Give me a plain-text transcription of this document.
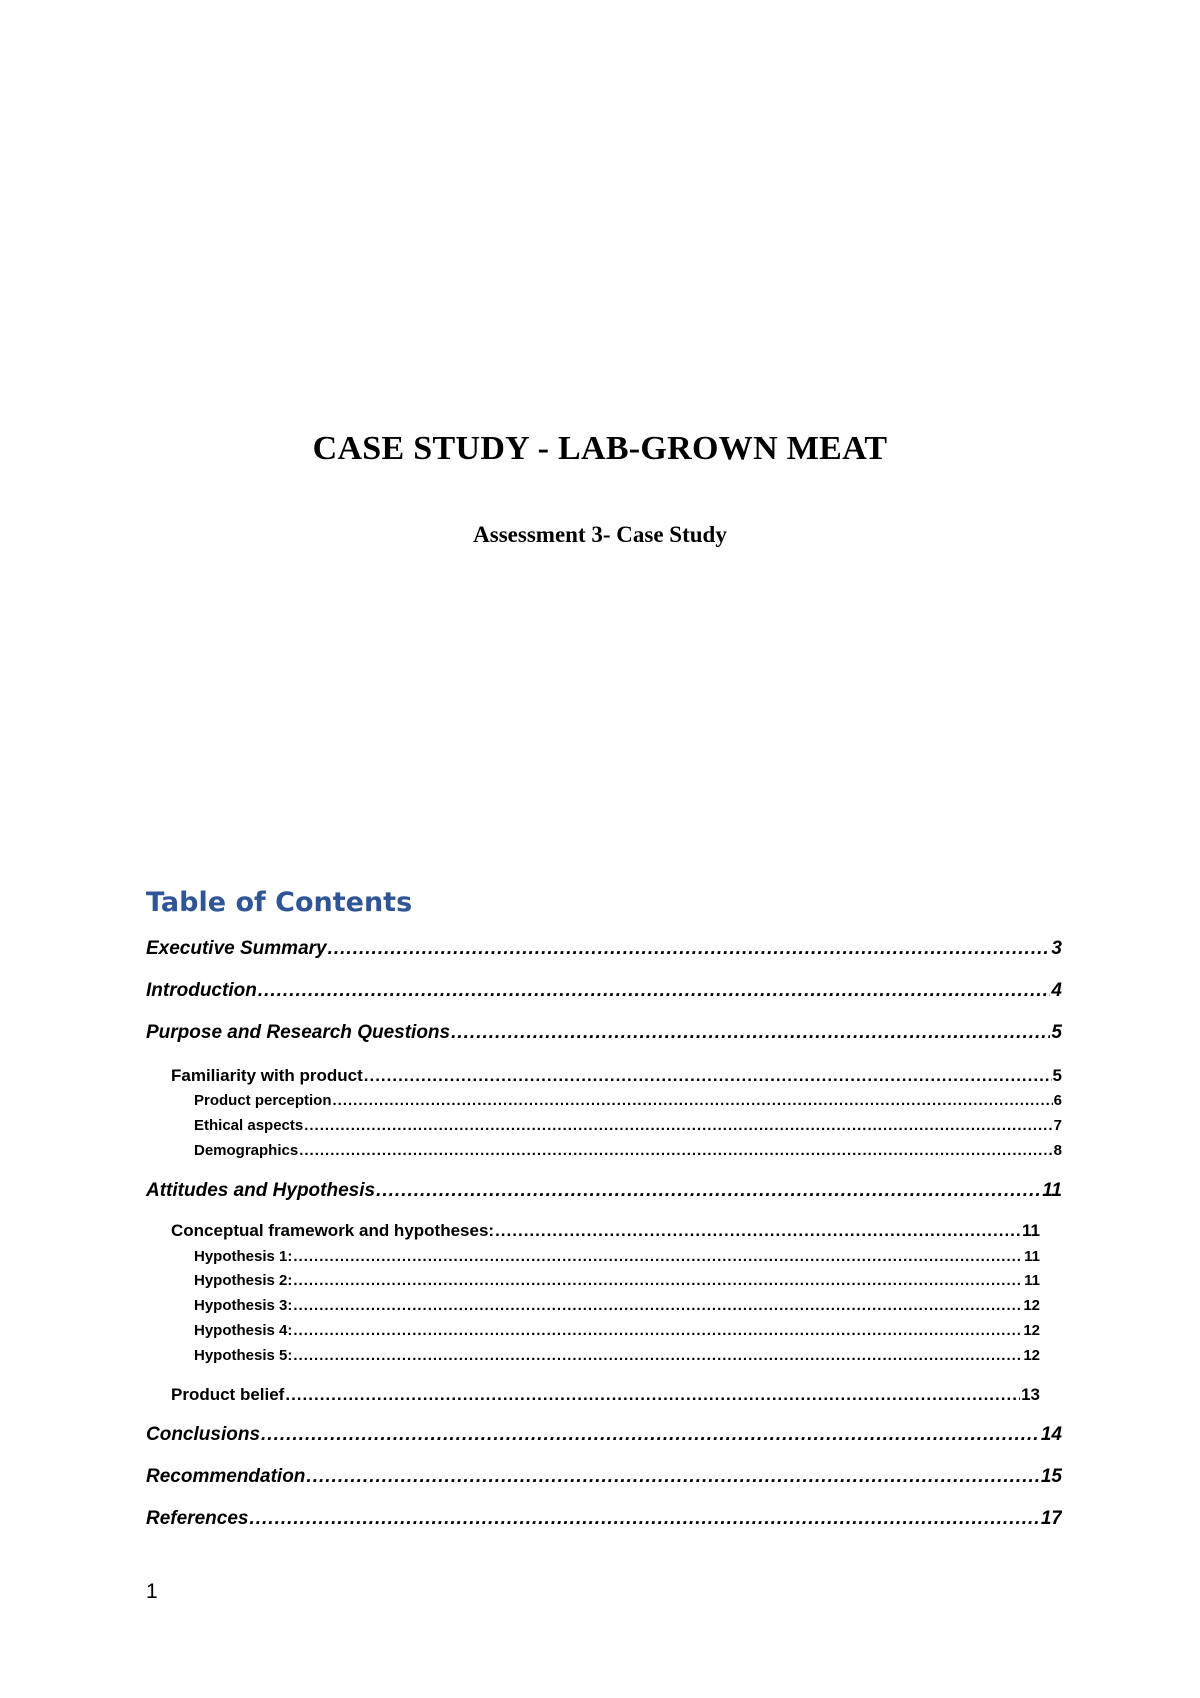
CASE STUDY - LAB-GROWN MEAT
Assessment 3- Case Study
Table of Contents
Executive Summary .....	3
Introduction .....	4
Purpose and Research Questions .....	5
Familiarity with product .....	5
Product perception .....	6
Ethical aspects .....	7
Demographics .....	8
Attitudes and Hypothesis .....	11
Conceptual framework and hypotheses: .....	11
Hypothesis 1: .....	11
Hypothesis 2: .....	11
Hypothesis 3: .....	12
Hypothesis 4: .....	12
Hypothesis 5: .....	12
Product belief .....	13
Conclusions .....	14
Recommendation .....	15
References .....	17
1
